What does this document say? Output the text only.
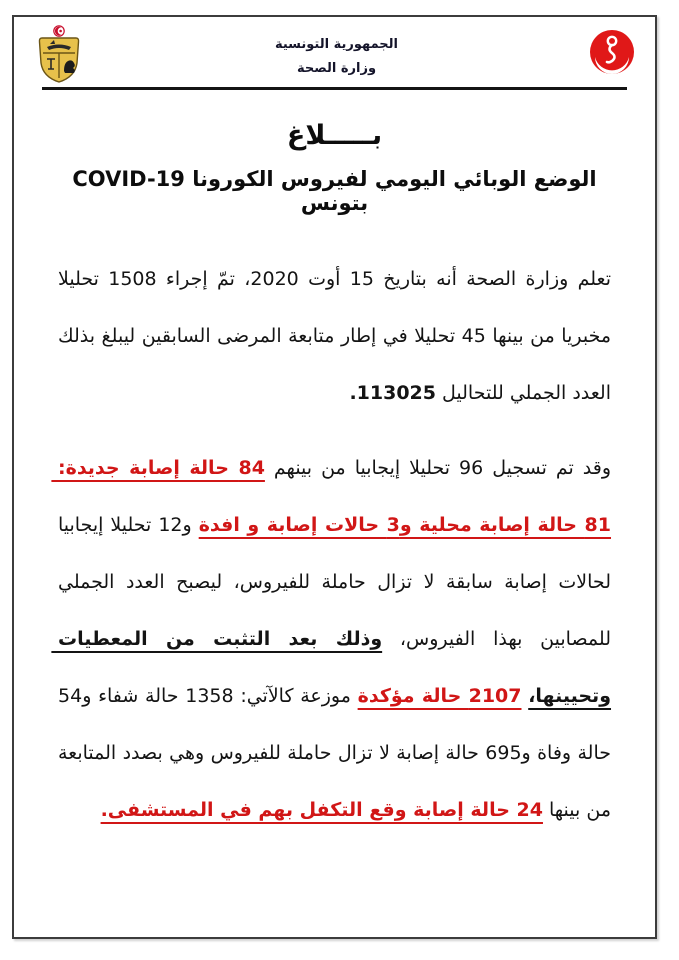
الجمهورية التونسية
وزارة الصحة
بـــــلاغ
الوضع الوبائي اليومي لفيروس الكورونا COVID-19 بتونس

تعلم وزارة الصحة أنه بتاريخ 15 أوت 2020، تمّ إجراء 1508 تحليلا مخبريا من بينها 45 تحليلا في إطار متابعة المرضى السابقين ليبلغ بذلك العدد الجملي للتحاليل 113025.

وقد تم تسجيل 96 تحليلا إيجابيا من بينهم 84 حالة إصابة جديدة: 81 حالة إصابة محلية و3 حالات إصابة و افدة و12 تحليلا إيجابيا لحالات إصابة سابقة لا تزال حاملة للفيروس، ليصبح العدد الجملي للمصابين بهذا الفيروس، وذلك بعد التثبت من المعطيات وتحيينها، 2107 حالة مؤكدة موزعة كالآتي: 1358 حالة شفاء و54 حالة وفاة و695 حالة إصابة لا تزال حاملة للفيروس وهي بصدد المتابعة من بينها 24 حالة إصابة وقع التكفل بهم في المستشفى.
